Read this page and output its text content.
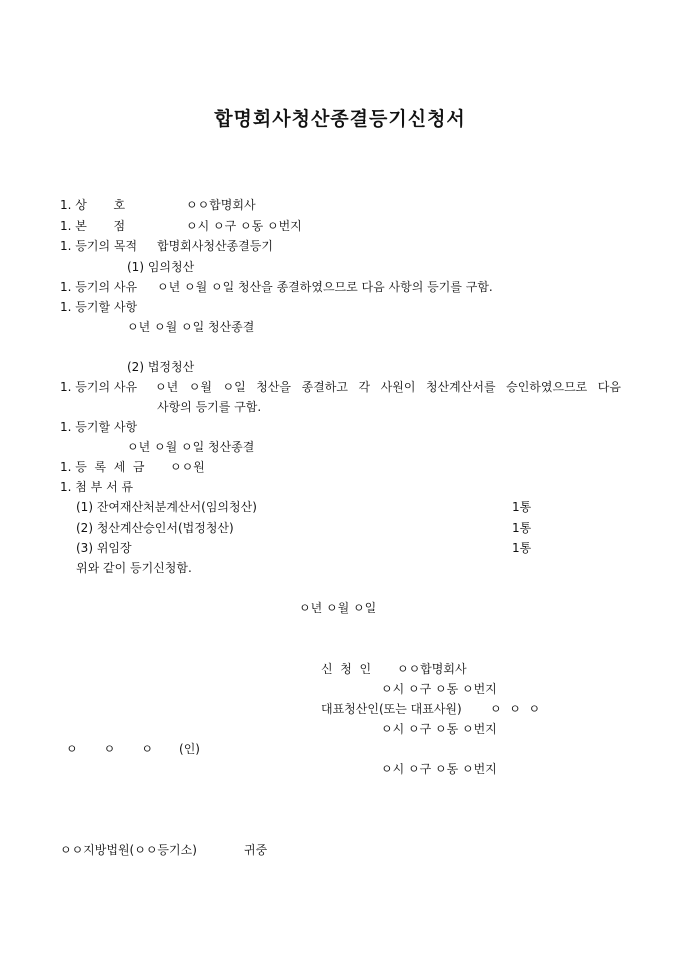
합명회사청산종결등기신청서
1. 상       호	ㅇㅇ합명회사
1. 본       점	ㅇ시 ㅇ구 ㅇ동 ㅇ번지
1. 등기의 목적 합명회사청산종결등기
(1) 임의청산
1. 등기의 사유 ㅇ년 ㅇ월 ㅇ일 청산을 종결하였으므로 다음 사항의 등기를 구함.
1. 등기할 사항
ㅇ년 ㅇ월 ㅇ일 청산종결
(2) 법정청산
1. 등기의 사유 ㅇ년 ㅇ월 ㅇ일 청산을 종결하고 각 사원이 청산계산서를 승인하였으므로 다음
사항의 등기를 구함.
1. 등기할 사항
ㅇ년 ㅇ월 ㅇ일 청산종결
1. 등  록  세  금 ㅇㅇ원
1. 첨 부 서 류
(1) 잔여재산처분계산서(임의청산)	1통
(2) 청산계산승인서(법정청산)	1통
(3) 위임장	1통
위와 같이 등기신청함.
ㅇ년 ㅇ월 ㅇ일
신  청  인 ㅇㅇ합명회사
ㅇ시 ㅇ구 ㅇ동 ㅇ번지
대표청산인(또는 대표사원) ㅇ  ㅇ  ㅇ
ㅇ시 ㅇ구 ㅇ동 ㅇ번지
ㅇ ㅇ ㅇ (인)
ㅇ시 ㅇ구 ㅇ동 ㅇ번지
ㅇㅇ지방법원(ㅇㅇ등기소)	귀중
